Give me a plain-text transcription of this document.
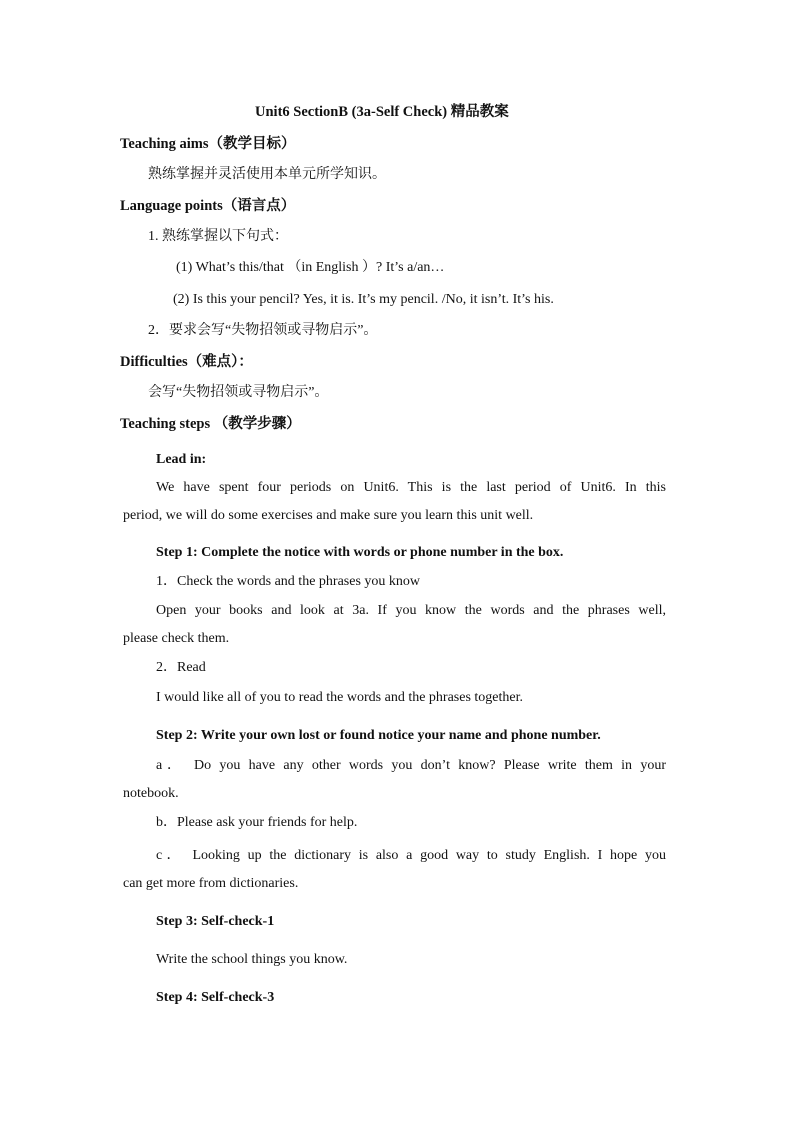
Unit6 SectionB (3a-Self Check) 精品教案
Teaching aims（教学目标）
熟练掌握并灵活使用本单元所学知识。
Language points（语言点）
1. 熟练掌握以下句式：
(1) What’s this/that （in English ）? It’s a/an…
(2) Is this your pencil? Yes, it is. It’s my pencil. /No, it isn’t. It’s his.
2．要求会写“失物招领或寻物启示”。
Difficulties（难点）：
会写“失物招领或寻物启示”。
Teaching steps （教学步骤）
Lead in:
We have spent four periods on Unit6. This is the last period of Unit6. In this
period, we will do some exercises and make sure you learn this unit well.
Step 1: Complete the notice with words or phone number in the box.
1．Check the words and the phrases you know
Open your books and look at 3a. If you know the words and the phrases well,
please check them.
2．Read
I would like all of you to read the words and the phrases together.
Step 2: Write your own lost or found notice your name and phone number.
a． Do you have any other words you don’t know? Please write them in your
notebook.
b．Please ask your friends for help.
c． Looking up the dictionary is also a good way to study English. I hope you
can get more from dictionaries.
Step 3: Self-check-1
Write the school things you know.
Step 4: Self-check-3
